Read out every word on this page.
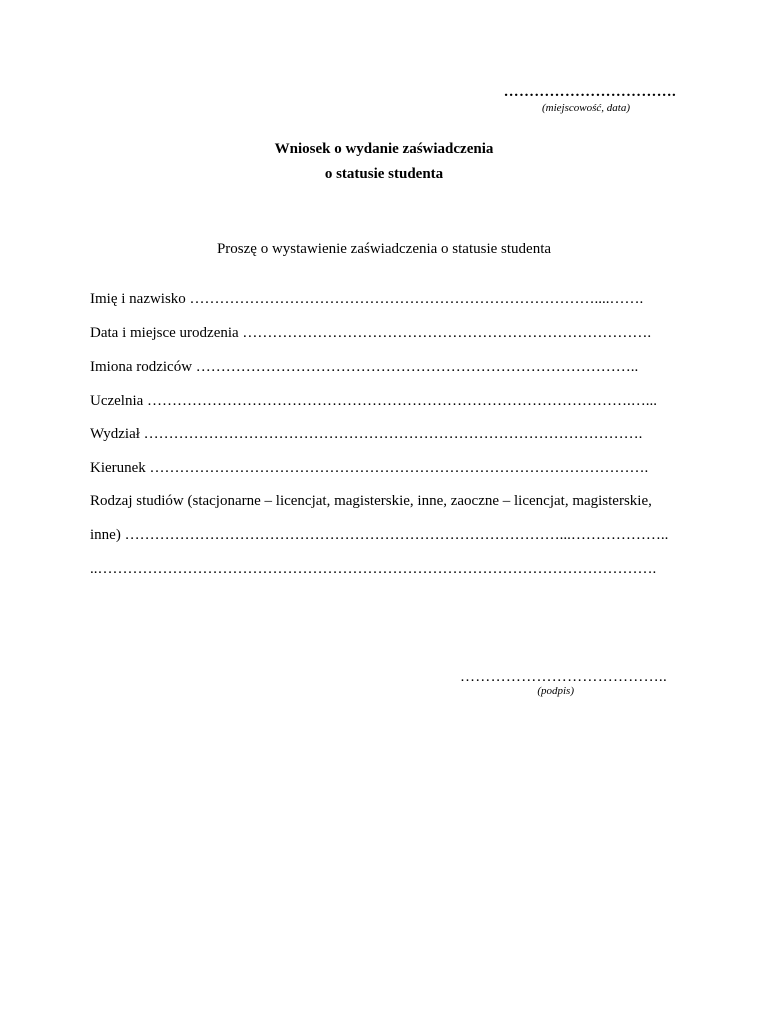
…………………………….
(miejscowość, data)
Wniosek o wydanie zaświadczenia
o statusie studenta
Proszę o wystawienie zaświadczenia o statusie studenta
Imię i nazwisko ………………………………………………………………………....…….
Data i miejsce urodzenia ……………………………………………………………………….
Imiona rodziców ……………………………………………………………………………..
Uczelnia …………………………………………………………………………………….…...
Wydział ……………………………………………………………………………………….
Kierunek ……………………………………………………………………………………….
Rodzaj studiów (stacjonarne – licencjat, magisterskie, inne, zaoczne – licencjat, magisterskie,
inne) ……………………………………………………………………………...………………..
..………………………………………………………………………………………………….
…………………………………..
(podpis)
